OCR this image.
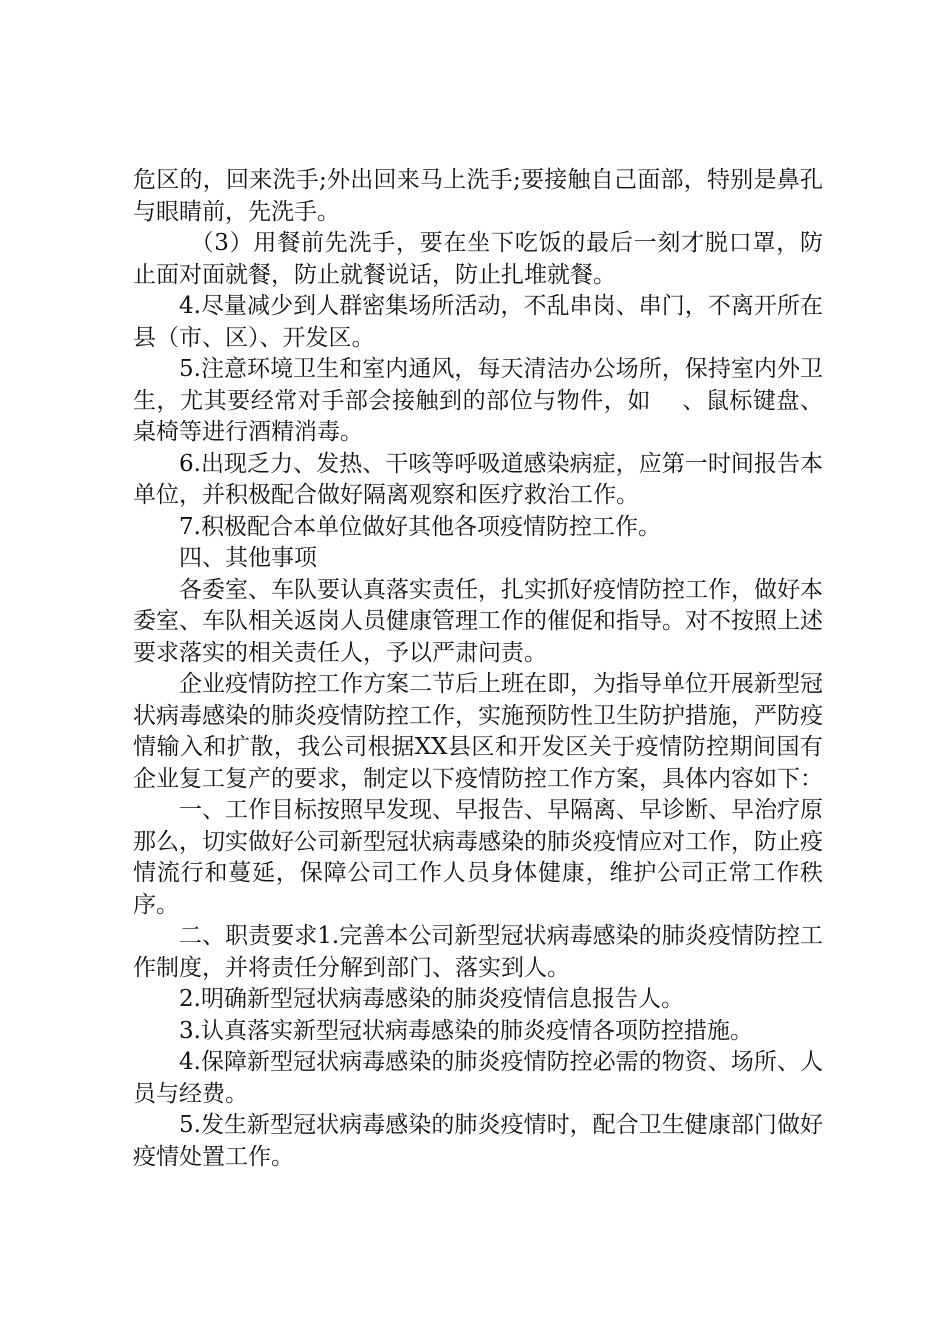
危区的，回来洗手;外出回来马上洗手;要接触自己面部，特别是鼻孔与眼睛前，先洗手。

（3）用餐前先洗手，要在坐下吃饭的最后一刻才脱口罩，防止面对面就餐，防止就餐说话，防止扎堆就餐。

4.尽量减少到人群密集场所活动，不乱串岗、串门，不离开所在县（市、区）、开发区。

5.注意环境卫生和室内通风，每天清洁办公场所，保持室内外卫生，尤其要经常对手部会接触到的部位与物件，如    、鼠标键盘、桌椅等进行酒精消毒。

6.出现乏力、发热、干咳等呼吸道感染病症，应第一时间报告本单位，并积极配合做好隔离观察和医疗救治工作。

7.积极配合本单位做好其他各项疫情防控工作。

四、其他事项

各委室、车队要认真落实责任，扎实抓好疫情防控工作，做好本委室、车队相关返岗人员健康管理工作的催促和指导。对不按照上述要求落实的相关责任人，予以严肃问责。

企业疫情防控工作方案二节后上班在即，为指导单位开展新型冠状病毒感染的肺炎疫情防控工作，实施预防性卫生防护措施，严防疫情输入和扩散，我公司根据XX县区和开发区关于疫情防控期间国有企业复工复产的要求，制定以下疫情防控工作方案，具体内容如下：

一、工作目标按照早发现、早报告、早隔离、早诊断、早治疗原那么，切实做好公司新型冠状病毒感染的肺炎疫情应对工作，防止疫情流行和蔓延，保障公司工作人员身体健康，维护公司正常工作秩序。

二、职责要求1.完善本公司新型冠状病毒感染的肺炎疫情防控工作制度，并将责任分解到部门、落实到人。

2.明确新型冠状病毒感染的肺炎疫情信息报告人。

3.认真落实新型冠状病毒感染的肺炎疫情各项防控措施。

4.保障新型冠状病毒感染的肺炎疫情防控必需的物资、场所、人员与经费。

5.发生新型冠状病毒感染的肺炎疫情时，配合卫生健康部门做好疫情处置工作。
